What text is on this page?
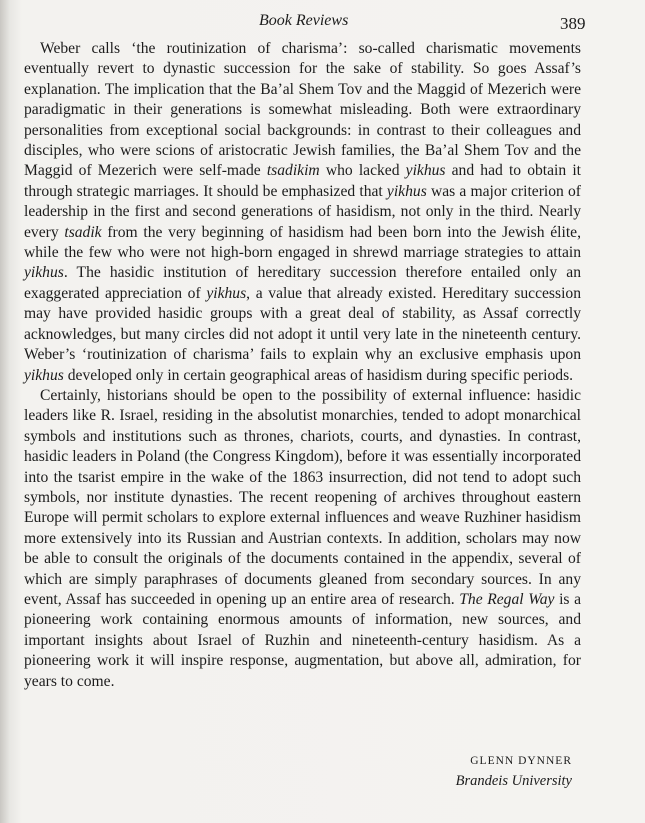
Book Reviews	389

Weber calls ‘the routinization of charisma’: so-called charismatic movements eventually revert to dynastic succession for the sake of stability. So goes Assaf’s explanation. The implication that the Ba’al Shem Tov and the Maggid of Mezerich were paradigmatic in their generations is somewhat misleading. Both were extraordinary personalities from exceptional social backgrounds: in contrast to their colleagues and disciples, who were scions of aristocratic Jewish families, the Ba’al Shem Tov and the Maggid of Mezerich were self-made tsadikim who lacked yikhus and had to obtain it through strategic marriages. It should be emphasized that yikhus was a major criterion of leadership in the first and second generations of hasidism, not only in the third. Nearly every tsadik from the very beginning of hasidism had been born into the Jewish élite, while the few who were not high-born engaged in shrewd marriage strategies to attain yikhus. The hasidic institution of hereditary succession therefore entailed only an exaggerated appreciation of yikhus, a value that already existed. Hereditary succession may have provided hasidic groups with a great deal of stability, as Assaf correctly acknowledges, but many circles did not adopt it until very late in the nineteenth century. Weber’s ‘routinization of charisma’ fails to explain why an exclusive emphasis upon yikhus developed only in certain geographical areas of hasidism during specific periods.

Certainly, historians should be open to the possibility of external influence: hasidic leaders like R. Israel, residing in the absolutist monarchies, tended to adopt monarchical symbols and institutions such as thrones, chariots, courts, and dynasties. In contrast, hasidic leaders in Poland (the Congress Kingdom), before it was essentially incorporated into the tsarist empire in the wake of the 1863 insurrection, did not tend to adopt such symbols, nor institute dynasties. The recent reopening of archives throughout eastern Europe will permit scholars to explore external influences and weave Ruzhiner hasidism more extensively into its Russian and Austrian contexts. In addition, scholars may now be able to consult the originals of the documents contained in the appendix, several of which are simply paraphrases of documents gleaned from secondary sources. In any event, Assaf has succeeded in opening up an entire area of research. The Regal Way is a pioneering work containing enormous amounts of information, new sources, and important insights about Israel of Ruzhin and nineteenth-century hasidism. As a pioneering work it will inspire response, augmentation, but above all, admiration, for years to come.

GLENN DYNNER
Brandeis University
